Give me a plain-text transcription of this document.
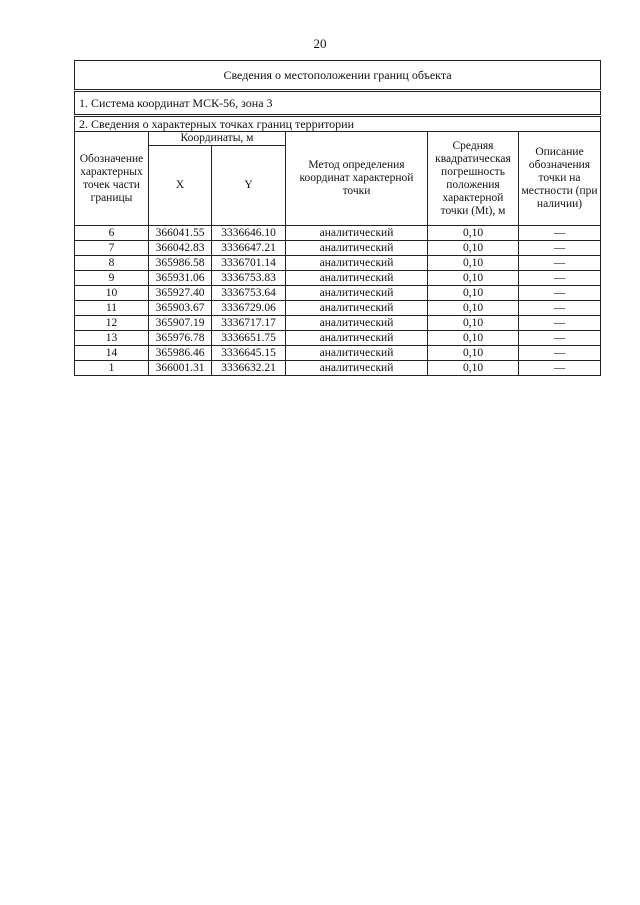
20
Сведения о местоположении границ объекта					
1. Система координат МСК-56, зона 3					
2. Сведения о характерных точках границ территории					
Обозначение характерных точек части границы	Координаты, м		Метод определения координат характерной точки	Средняя квадратическая погрешность положения характерной точки (Mt), м	Описание обозначения точки на местности (при наличии)
	X	Y			
6	366041.55	3336646.10	аналитический	0,10	—
7	366042.83	3336647.21	аналитический	0,10	—
8	365986.58	3336701.14	аналитический	0,10	—
9	365931.06	3336753.83	аналитический	0,10	—
10	365927.40	3336753.64	аналитический	0,10	—
11	365903.67	3336729.06	аналитический	0,10	—
12	365907.19	3336717.17	аналитический	0,10	—
13	365976.78	3336651.75	аналитический	0,10	—
14	365986.46	3336645.15	аналитический	0,10	—
1	366001.31	3336632.21	аналитический	0,10	—
